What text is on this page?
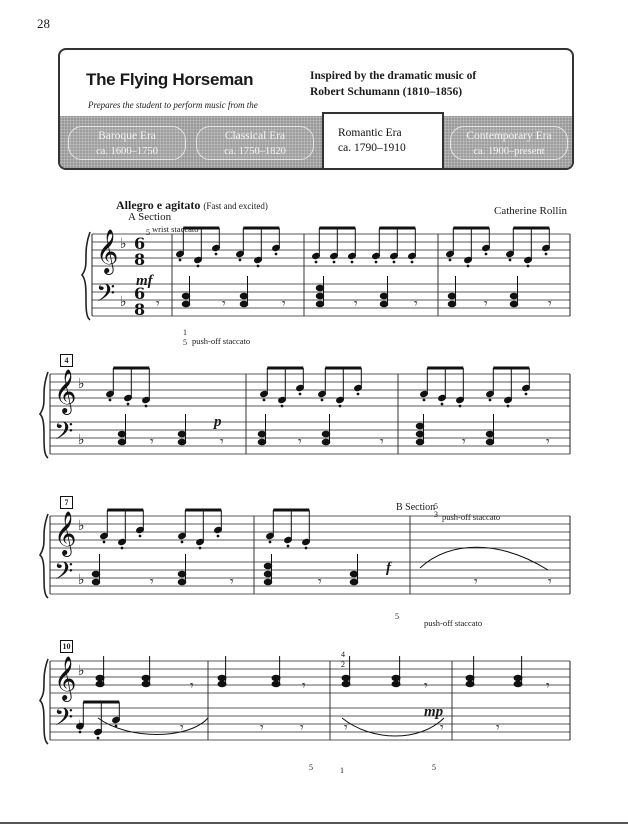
28
The Flying Horseman	Inspired by the dramatic music of
Robert Schumann (1810–1856)
Prepares the student to perform music from the
Baroque Era
ca. 1600–1750
Classical Era
ca. 1750–1820
Romantic Era
ca. 1790–1910
Contemporary Era
ca. 1900–present
Allegro e agitato (Fast and excited)
A Section	Catherine Rollin
wrist staccato
push-off staccato
push-off staccato
push-off staccato
B Section
5
1
5
5
3
5
4
2
5	1	5
4
7
10
mf
p
f
mp
𝄞
𝄢
♭
♭
𝄞
𝄢
♭
♭
𝄞
𝄢
♭
♭
𝄞
𝄢
♭
𝄾	𝄾	𝄾	𝄾	𝄾	𝄾	𝄾
𝄾	𝄾	𝄾	𝄾	𝄾	𝄾
𝄾	𝄾	𝄾	𝄾	𝄾
𝄾	𝄾	𝄾	𝄾
𝄾	𝄾	𝄾	𝄾	𝄾	𝄾
6
8
6
8
